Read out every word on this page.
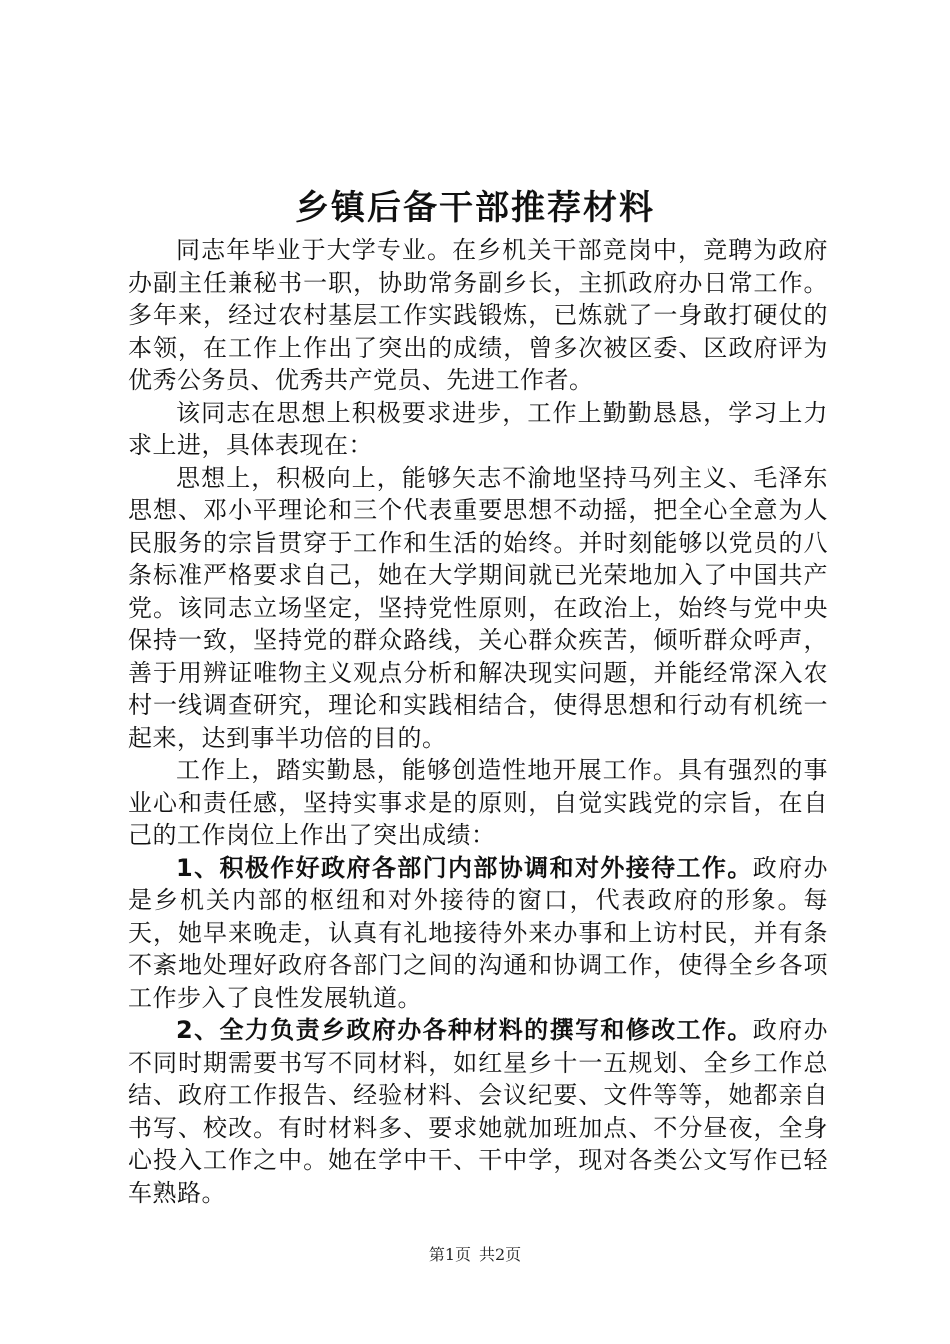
乡镇后备干部推荐材料

同志年毕业于大学专业。在乡机关干部竞岗中，竞聘为政府办副主任兼秘书一职，协助常务副乡长，主抓政府办日常工作。多年来，经过农村基层工作实践锻炼，已炼就了一身敢打硬仗的本领，在工作上作出了突出的成绩，曾多次被区委、区政府评为优秀公务员、优秀共产党员、先进工作者。

该同志在思想上积极要求进步，工作上勤勤恳恳，学习上力求上进，具体表现在：

思想上，积极向上，能够矢志不渝地坚持马列主义、毛泽东思想、邓小平理论和三个代表重要思想不动摇，把全心全意为人民服务的宗旨贯穿于工作和生活的始终。并时刻能够以党员的八条标准严格要求自己，她在大学期间就已光荣地加入了中国共产党。该同志立场坚定，坚持党性原则，在政治上，始终与党中央保持一致，坚持党的群众路线，关心群众疾苦，倾听群众呼声，善于用辨证唯物主义观点分析和解决现实问题，并能经常深入农村一线调查研究，理论和实践相结合，使得思想和行动有机统一起来，达到事半功倍的目的。

工作上，踏实勤恳，能够创造性地开展工作。具有强烈的事业心和责任感，坚持实事求是的原则，自觉实践党的宗旨，在自己的工作岗位上作出了突出成绩：

1、积极作好政府各部门内部协调和对外接待工作。政府办是乡机关内部的枢纽和对外接待的窗口，代表政府的形象。每天，她早来晚走，认真有礼地接待外来办事和上访村民，并有条不紊地处理好政府各部门之间的沟通和协调工作，使得全乡各项工作步入了良性发展轨道。

2、全力负责乡政府办各种材料的撰写和修改工作。政府办不同时期需要书写不同材料，如红星乡十一五规划、全乡工作总结、政府工作报告、经验材料、会议纪要、文件等等，她都亲自书写、校改。有时材料多、要求她就加班加点、不分昼夜，全身心投入工作之中。她在学中干、干中学，现对各类公文写作已轻车熟路。

第1页 共2页
